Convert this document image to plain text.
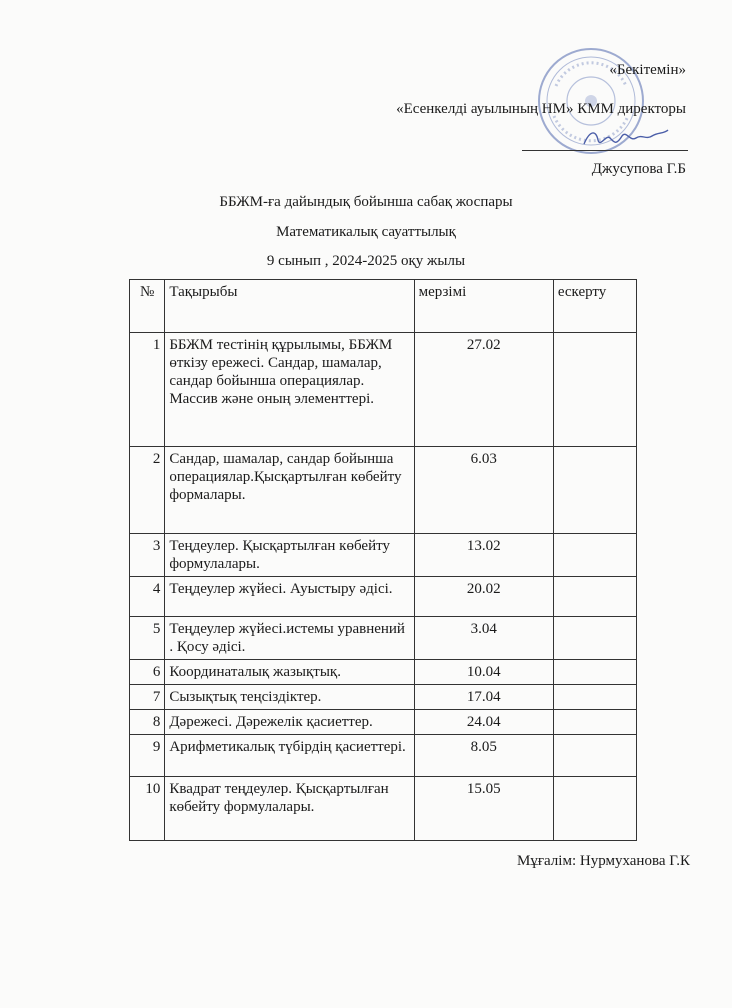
«Бекітемін»
«Есенкелді ауылының НМ» КММ директоры
Джусупова Г.Б
ББЖМ-ға дайындық бойынша сабақ жоспары
Математикалық сауаттылық
9 сынып , 2024-2025 оқу жылы
№	Тақырыбы	мерзімі	ескерту
1	ББЖМ тестінің құрылымы, ББЖМ өткізу ережесі. Сандар, шамалар, сандар бойынша операциялар. Массив және оның элементтері.	27.02	
2	Сандар, шамалар, сандар бойынша операциялар.Қысқартылған көбейту формалары.	6.03	
3	Теңдеулер. Қысқартылған көбейту формулалары.	13.02	
4	Теңдеулер жүйесі. Ауыстыру әдісі.	20.02	
5	Теңдеулер жүйесі.истемы уравнений . Қосу әдісі.	3.04	
6	Координаталық жазықтық.	10.04	
7	Сызықтық теңсіздіктер.	17.04	
8	Дәрежесі. Дәрежелік қасиеттер.	24.04	
9	Арифметикалық түбірдің қасиеттері.	8.05	
10	Квадрат теңдеулер. Қысқартылған көбейту формулалары.	15.05	
Мұғалім: Нурмуханова Г.К
